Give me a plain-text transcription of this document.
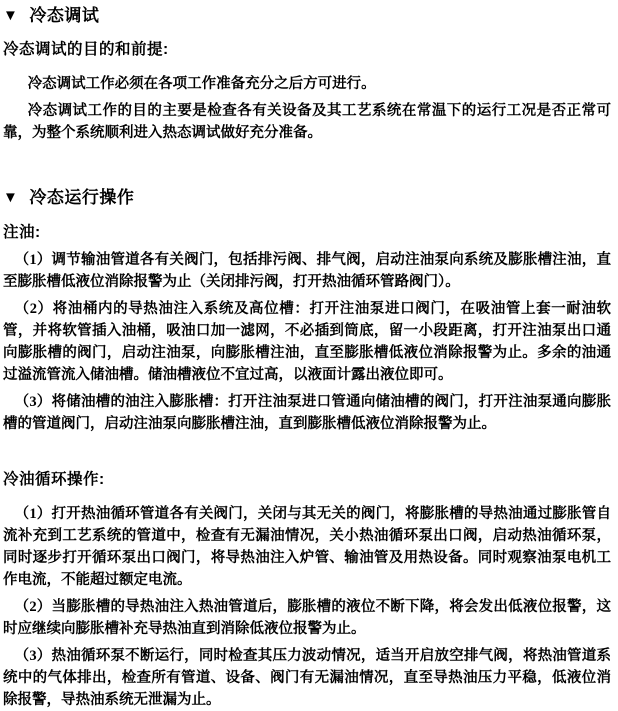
▼ 冷态调试
冷态调试的目的和前提:

冷态调试工作必须在各项工作准备充分之后方可进行。

冷态调试工作的目的主要是检查各有关设备及其工艺系统在常温下的运行工况是否正常可靠，为整个系统顺利进入热态调试做好充分准备。

▼ 冷态运行操作
注油:

（1）调节输油管道各有关阀门，包括排污阀、排气阀，启动注油泵向系统及膨胀槽注油，直至膨胀槽低液位消除报警为止（关闭排污阀，打开热油循环管路阀门）。

（2）将油桶内的导热油注入系统及高位槽：打开注油泵进口阀门，在吸油管上套一耐油软管，并将软管插入油桶，吸油口加一滤网，不必插到筒底，留一小段距离，打开注油泵出口通向膨胀槽的阀门，启动注油泵，向膨胀槽注油，直至膨胀槽低液位消除报警为止。多余的油通过溢流管流入储油槽。储油槽液位不宜过高，以液面计露出液位即可。

（3）将储油槽的油注入膨胀槽：打开注油泵进口管通向储油槽的阀门，打开注油泵通向膨胀槽的管道阀门，启动注油泵向膨胀槽注油，直到膨胀槽低液位消除报警为止。

冷油循环操作:

（1）打开热油循环管道各有关阀门，关闭与其无关的阀门，将膨胀槽的导热油通过膨胀管自流补充到工艺系统的管道中，检查有无漏油情况，关小热油循环泵出口阀，启动热油循环泵，同时逐步打开循环泵出口阀门，将导热油注入炉管、输油管及用热设备。同时观察油泵电机工作电流，不能超过额定电流。

（2）当膨胀槽的导热油注入热油管道后，膨胀槽的液位不断下降，将会发出低液位报警，这时应继续向膨胀槽补充导热油直到消除低液位报警为止。

（3）热油循环泵不断运行，同时检查其压力波动情况，适当开启放空排气阀，将热油管道系统中的气体排出，检查所有管道、设备、阀门有无漏油情况，直至导热油压力平稳，低液位消除报警，导热油系统无泄漏为止。
